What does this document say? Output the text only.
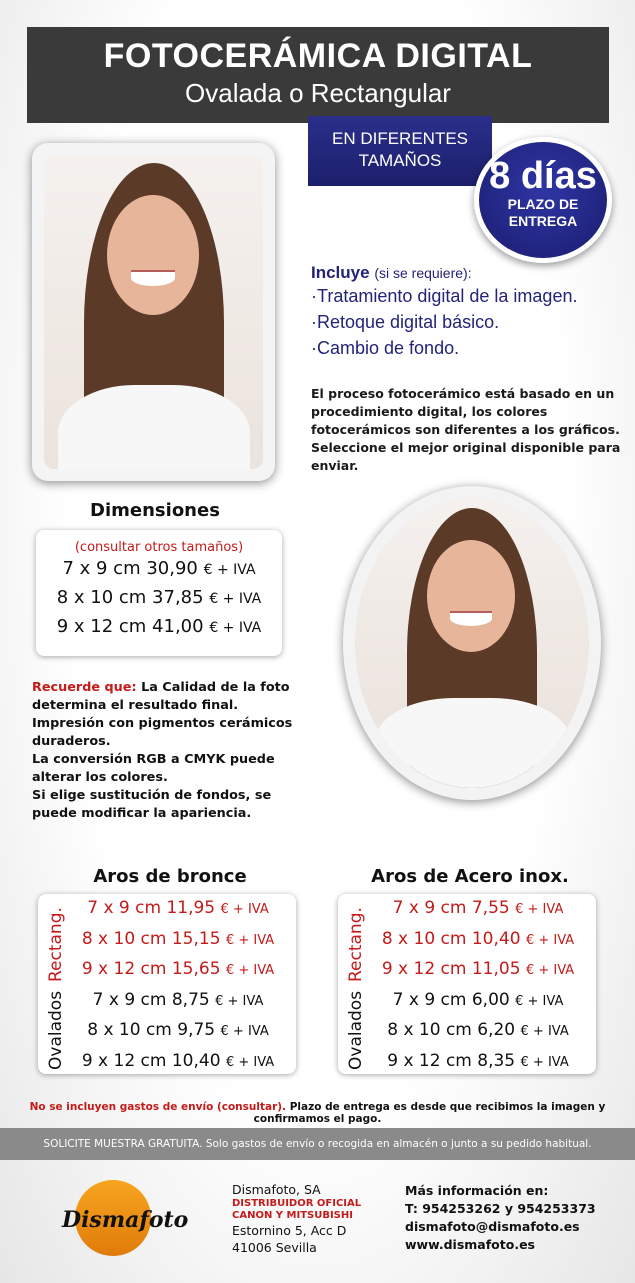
FOTOCERÁMICA DIGITAL
Ovalada o Rectangular
EN DIFERENTES
TAMAÑOS	8 días
PLAZO DE
ENTREGA
Incluye (si se requiere):
·Tratamiento digital de la imagen.
·Retoque digital básico.
·Cambio de fondo.
El proceso fotocerámico está basado en un procedimiento digital, los colores fotocerámicos son diferentes a los gráficos. Seleccione el mejor original disponible para enviar.
Dimensiones
(consultar otros tamaños)
7 x 9 cm 30,90 € + IVA
8 x 10 cm 37,85 € + IVA
9 x 12 cm 41,00 € + IVA
Recuerde que: La Calidad de la foto determina el resultado final.
Impresión con pigmentos cerámicos duraderos.
La conversión RGB a CMYK puede alterar los colores.
Si elige sustitución de fondos, se puede modificar la apariencia.
Aros de bronce
Rectang.
Ovalados
7 x 9 cm 11,95 € + IVA
8 x 10 cm 15,15 € + IVA
9 x 12 cm 15,65 € + IVA
7 x 9 cm 8,75 € + IVA
8 x 10 cm 9,75 € + IVA
9 x 12 cm 10,40 € + IVA
Aros de Acero inox.
Rectang.
Ovalados
7 x 9 cm 7,55 € + IVA
8 x 10 cm 10,40 € + IVA
9 x 12 cm 11,05 € + IVA
7 x 9 cm 6,00 € + IVA
8 x 10 cm 6,20 € + IVA
9 x 12 cm 8,35 € + IVA
No se incluyen gastos de envío (consultar). Plazo de entrega es desde que recibimos la imagen y confirmamos el pago.
SOLICITE MUESTRA GRATUITA. Solo gastos de envío o recogida en almacén o junto a su pedido habitual.
Dismafoto
Dismafoto, SA
DISTRIBUIDOR OFICIAL
CANON Y MITSUBISHI
Estornino 5, Acc D
41006 Sevilla
Más información en:
T: 954253262 y 954253373
dismafoto@dismafoto.es
www.dismafoto.es
